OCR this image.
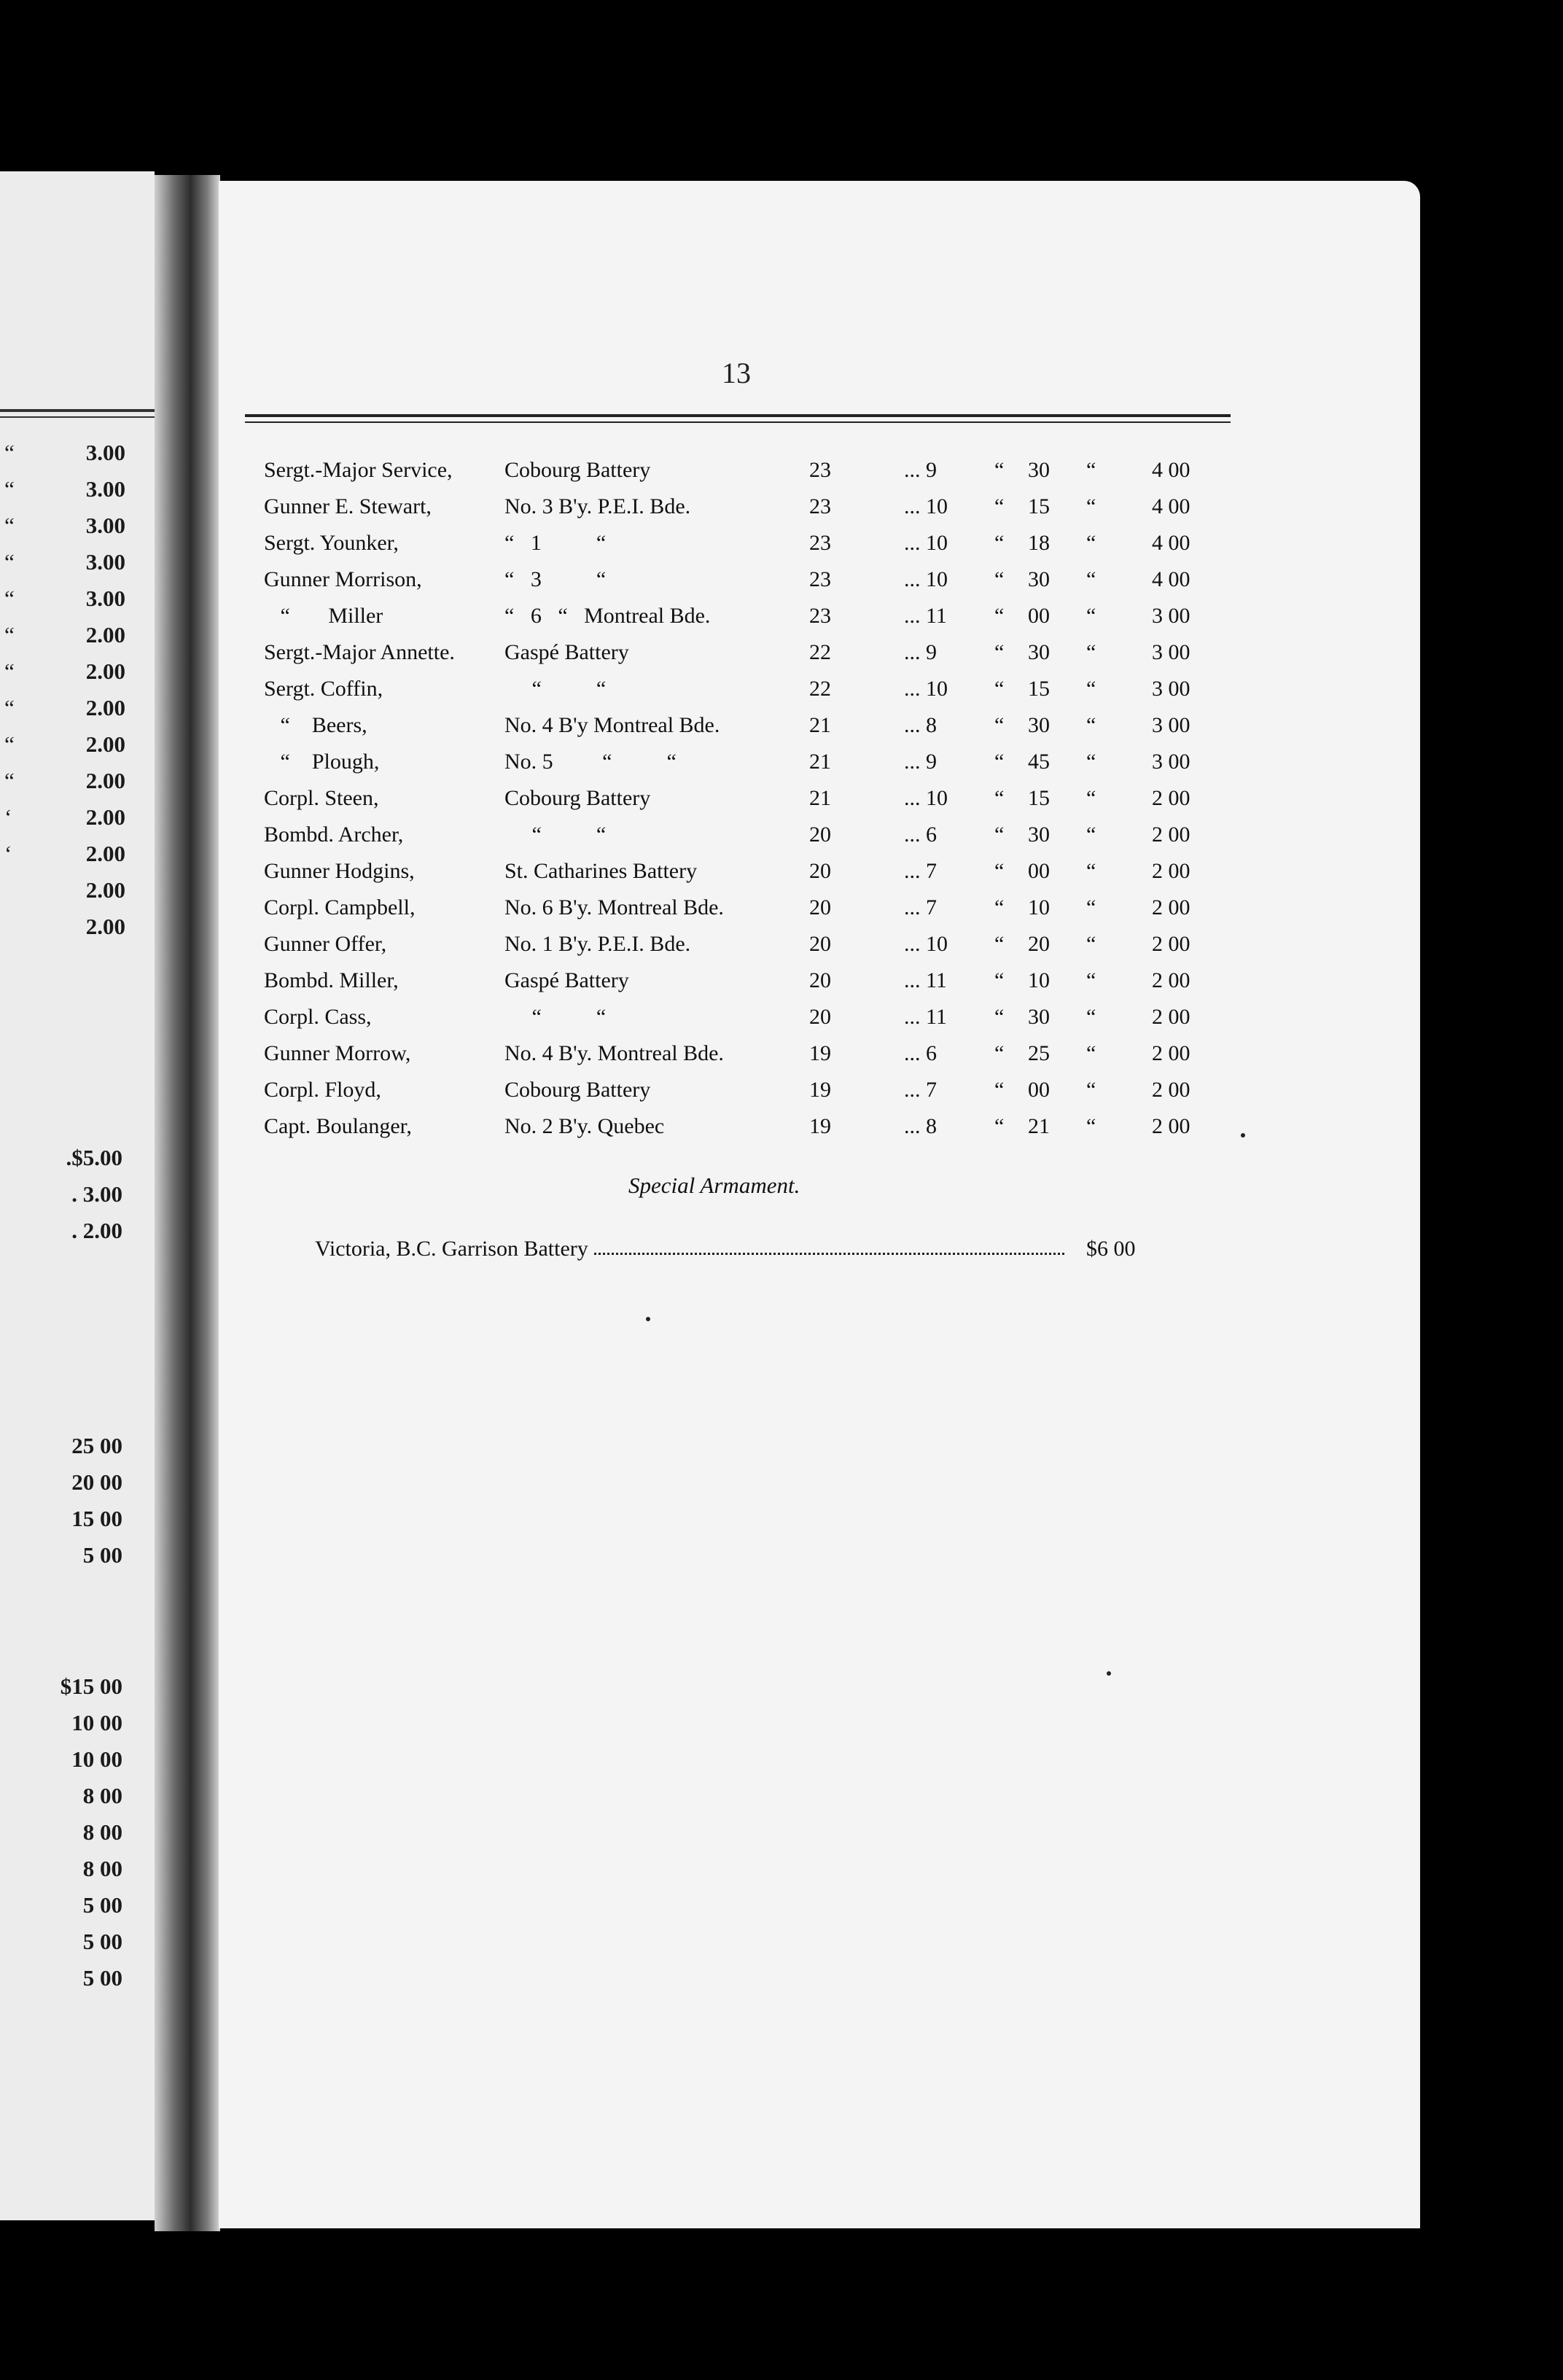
“	3.00
“	3.00
“	3.00
“	3.00
“	3.00
“	2.00
“	2.00
“	2.00
“	2.00
“	2.00
‘	2.00
‘	2.00
2.00
2.00
.$5.00
. 3.00
. 2.00
25 00
20 00
15 00
5 00
$15 00
10 00
10 00
8 00
8 00
8 00
5 00
5 00
5 00
13
Sergt.-Major Service, Cobourg Battery	23	... 9	“ 30 “	4 00
Gunner E. Stewart,	No. 3 B'y. P.E.I. Bde.	23	... 10 “ 15 “	4 00
Sergt. Younker,	“   1          “	23	... 10 “ 18 “	4 00
Gunner Morrison,	“   3          “	23	... 10 “ 30 “	4 00
“       Miller	“   6   “   Montreal Bde.	23	... 11 “ 00 “	3 00
Sergt.-Major Annette. Gaspé Battery	22	... 9	“ 30 “	3 00
Sergt. Coffin,	“          “	22	... 10 “ 15 “	3 00
“    Beers,	No. 4 B'y Montreal Bde.	21	... 8	“ 30 “	3 00
“    Plough,	No. 5         “          “	21	... 9	“ 45 “	3 00
Corpl. Steen,	Cobourg Battery	21	... 10 “ 15 “	2 00
Bombd. Archer,	“          “	20	... 6	“ 30 “	2 00
Gunner Hodgins,	St. Catharines Battery	20	... 7	“ 00 “	2 00
Corpl. Campbell,	No. 6 B'y. Montreal Bde.	20	... 7	“ 10 “	2 00
Gunner Offer,	No. 1 B'y. P.E.I. Bde.	20	... 10 “ 20 “	2 00
Bombd. Miller,	Gaspé Battery	20	... 11 “ 10 “	2 00
Corpl. Cass,	“          “	20	... 11 “ 30 “	2 00
Gunner Morrow,	No. 4 B'y. Montreal Bde.	19	... 6	“ 25 “	2 00
Corpl. Floyd,	Cobourg Battery	19	... 7	“ 00 “	2 00
Capt. Boulanger,	No. 2 B'y. Quebec	19	... 8	“ 21 “	2 00
Special Armament.
Victoria, B.C. Garrison Battery	$6 00
